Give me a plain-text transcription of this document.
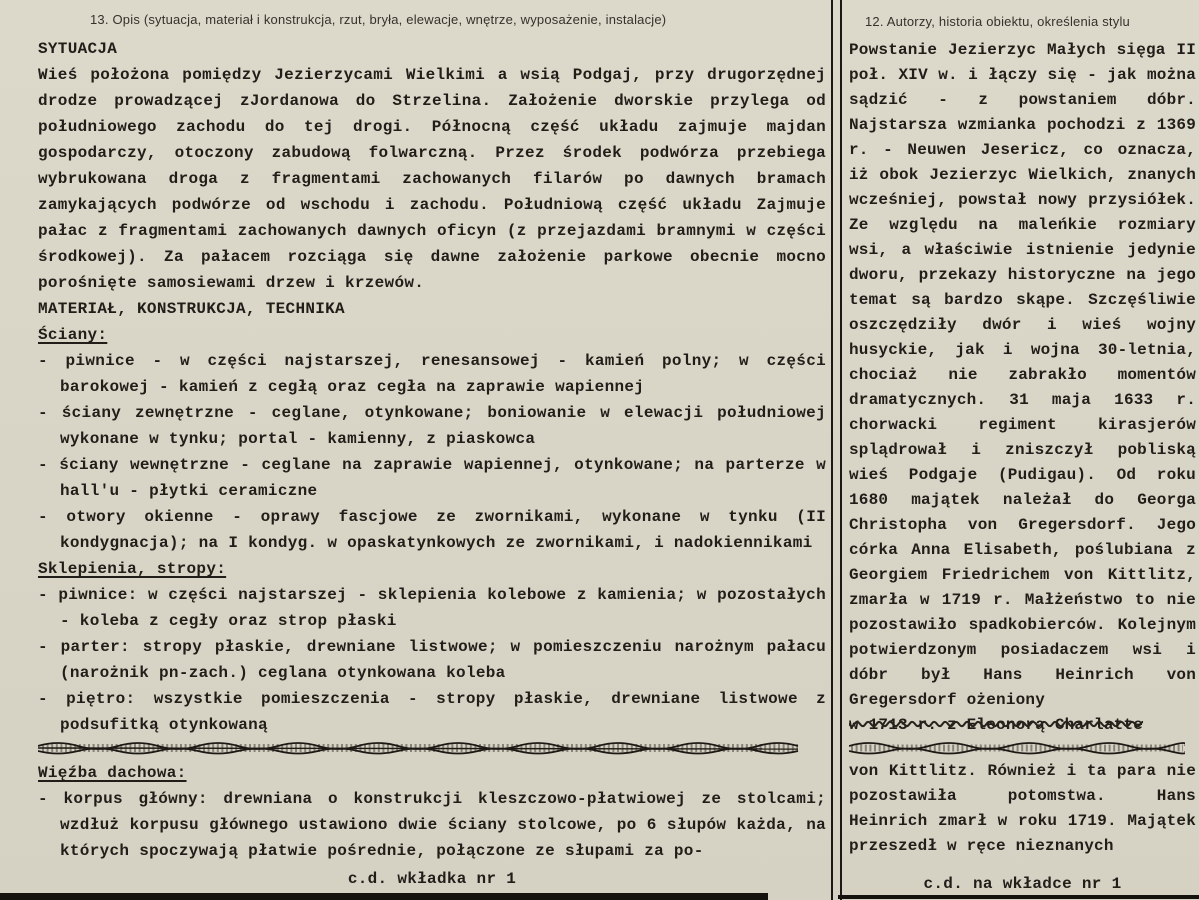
13. Opis (sytuacja, materiał i konstrukcja, rzut, bryła, elewacje, wnętrze, wyposażenie, instalacje)
SYTUACJA

Wieś położona pomiędzy Jezierzycami Wielkimi a wsią Podgaj, przy drugorzędnej drodze prowadzącej zJordanowa do Strzelina. Założenie dworskie przylega od południowego zachodu do tej drogi. Północną część układu zajmuje majdan gospodarczy, otoczony zabudową folwarczną. Przez środek podwórza przebiega wybrukowana droga z fragmentami zachowanych filarów po dawnych bramach zamykających podwórze od wschodu i zachodu. Południową część układu Zajmuje pałac z fragmentami zachowanych dawnych oficyn (z przejazdami bramnymi w części środkowej). Za pałacem rozciąga się dawne założenie parkowe obecnie mocno porośnięte samosiewami drzew i krzewów.

MATERIAŁ, KONSTRUKCJA, TECHNIKA
Ściany:

- piwnice - w części najstarszej, renesansowej - kamień polny; w części barokowej - kamień z cegłą oraz cegła na zaprawie wapiennej

- ściany zewnętrzne - ceglane, otynkowane; boniowanie w elewacji południowej wykonane w tynku; portal - kamienny, z piaskowca

- ściany wewnętrzne - ceglane na zaprawie wapiennej, otynkowane; na parterze w hall'u - płytki ceramiczne

- otwory okienne - oprawy fascjowe ze zwornikami, wykonane w tynku (II kondygnacja); na I kondyg. w opaskatynkowych ze zwornikami, i nadokiennikami

Sklepienia, stropy:

- piwnice: w części najstarszej - sklepienia kolebowe z kamienia; w pozostałych - koleba z cegły oraz strop płaski

- parter: stropy płaskie, drewniane listwowe; w pomieszczeniu narożnym pałacu (narożnik pn-zach.) ceglana otynkowana koleba

- piętro: wszystkie pomieszczenia - stropy płaskie, drewniane listwowe z podsufitką otynkowaną

Więźba dachowa:

- korpus główny: drewniana o konstrukcji kleszczowo-płatwiowej ze stolcami; wzdłuż korpusu głównego ustawiono dwie ściany stolcowe, po 6 słupów każda, na których spoczywają płatwie pośrednie, połączone ze słupami za po-

c.d. wkładka nr 1
12. Autorzy, historia obiektu, określenia stylu

Powstanie Jezierzyc Małych sięga II poł. XIV w. i łączy się - jak można sądzić - z powstaniem dóbr. Najstarsza wzmianka pochodzi z 1369 r. - Neuwen Jesericz, co oznacza, iż obok Jezierzyc Wielkich, znanych wcześniej, powstał nowy przysiółek. Ze względu na maleńkie rozmiary wsi, a właściwie istnienie jedynie dworu, przekazy historyczne na jego temat są bardzo skąpe. Szczęśliwie oszczędziły dwór i wieś wojny husyckie, jak i wojna 30-letnia, chociaż nie zabrakło momentów dramatycznych. 31 maja 1633 r. chorwacki regiment kirasjerów splądrował i zniszczył pobliską wieś Podgaje (Pudigau). Od roku 1680 majątek należał do Georga Christopha von Gregersdorf. Jego córka Anna Elisabeth, poślubiana z Georgiem Friedrichem von Kittlitz, zmarła w 1719 r. Małżeństwo to nie pozostawiło spadkobierców. Kolejnym potwierdzonym posiadaczem wsi i dóbr był Hans Heinrich von Gregersdorf ożeniony

w 1713 r. z Eleonorą Charlatte

von Kittlitz. Również i ta para nie pozostawiła potomstwa. Hans Heinrich zmarł w roku 1719. Majątek przeszedł w ręce nieznanych

c.d. na wkładce nr 1
